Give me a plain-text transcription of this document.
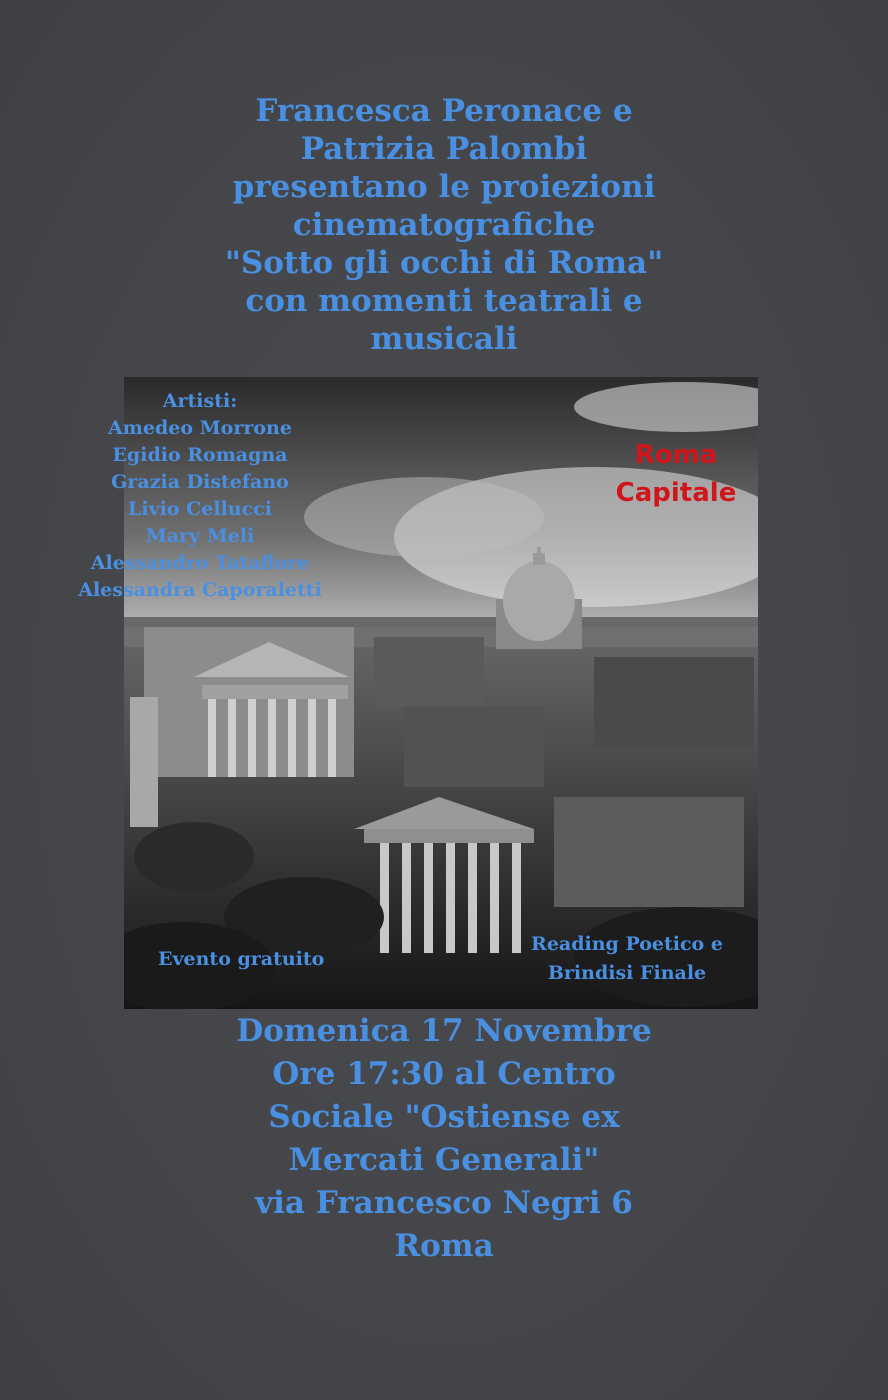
Francesca Peronace e
Patrizia Palombi
presentano le proiezioni
cinematografiche
"Sotto gli occhi di Roma"
con momenti teatrali e
musicali
Artisti:
Amedeo Morrone
Egidio Romagna
Grazia Distefano
Livio Cellucci
Mary Meli
Alessandro Tataflore
Alessandra Caporaletti
Roma
Capitale
Evento gratuito
Reading Poetico e
Brindisi Finale
Domenica 17 Novembre
Ore 17:30 al Centro
Sociale "Ostiense ex
Mercati Generali"
via Francesco Negri 6
Roma
